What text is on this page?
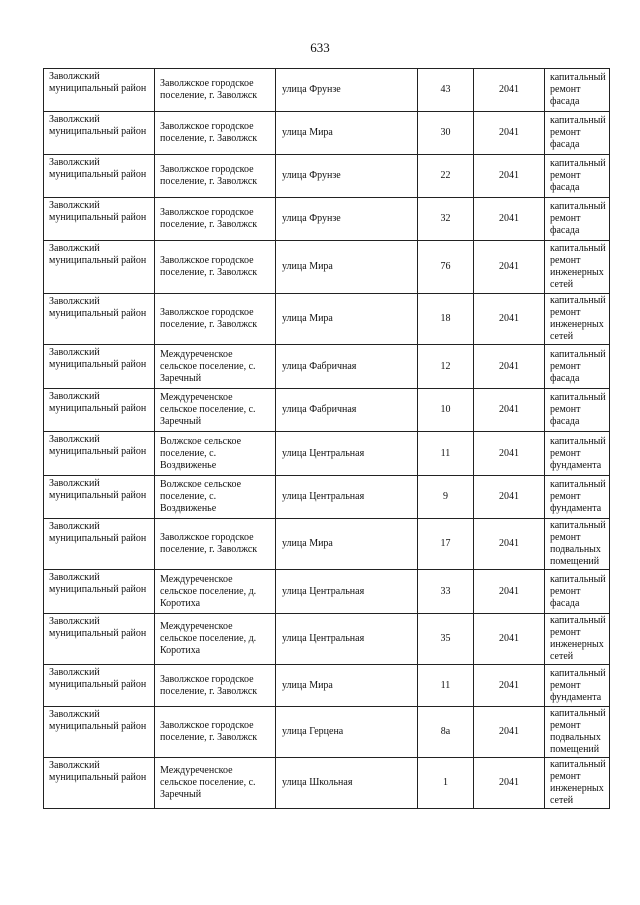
633
Заволжский муниципальный район	Заволжское городское поселение, г. Заволжск	улица Фрунзе	43	2041	капитальный ремонт фасада
Заволжский муниципальный район	Заволжское городское поселение, г. Заволжск	улица Мира	30	2041	капитальный ремонт фасада
Заволжский муниципальный район	Заволжское городское поселение, г. Заволжск	улица Фрунзе	22	2041	капитальный ремонт фасада
Заволжский муниципальный район	Заволжское городское поселение, г. Заволжск	улица Фрунзе	32	2041	капитальный ремонт фасада
Заволжский муниципальный район	Заволжское городское поселение, г. Заволжск	улица Мира	76	2041	капитальный ремонт инженерных сетей
Заволжский муниципальный район	Заволжское городское поселение, г. Заволжск	улица Мира	18	2041	капитальный ремонт инженерных сетей
Заволжский муниципальный район	Междуреченское сельское поселение, с. Заречный	улица Фабричная	12	2041	капитальный ремонт фасада
Заволжский муниципальный район	Междуреченское сельское поселение, с. Заречный	улица Фабричная	10	2041	капитальный ремонт фасада
Заволжский муниципальный район	Волжское сельское поселение, с. Воздвиженье	улица Центральная	11	2041	капитальный ремонт фундамента
Заволжский муниципальный район	Волжское сельское поселение, с. Воздвиженье	улица Центральная	9	2041	капитальный ремонт фундамента
Заволжский муниципальный район	Заволжское городское поселение, г. Заволжск	улица Мира	17	2041	капитальный ремонт подвальных помещений
Заволжский муниципальный район	Междуреченское сельское поселение, д. Коротиха	улица Центральная	33	2041	капитальный ремонт фасада
Заволжский муниципальный район	Междуреченское сельское поселение, д. Коротиха	улица Центральная	35	2041	капитальный ремонт инженерных сетей
Заволжский муниципальный район	Заволжское городское поселение, г. Заволжск	улица Мира	11	2041	капитальный ремонт фундамента
Заволжский муниципальный район	Заволжское городское поселение, г. Заволжск	улица Герцена	8а	2041	капитальный ремонт подвальных помещений
Заволжский муниципальный район	Междуреченское сельское поселение, с. Заречный	улица Школьная	1	2041	капитальный ремонт инженерных сетей
